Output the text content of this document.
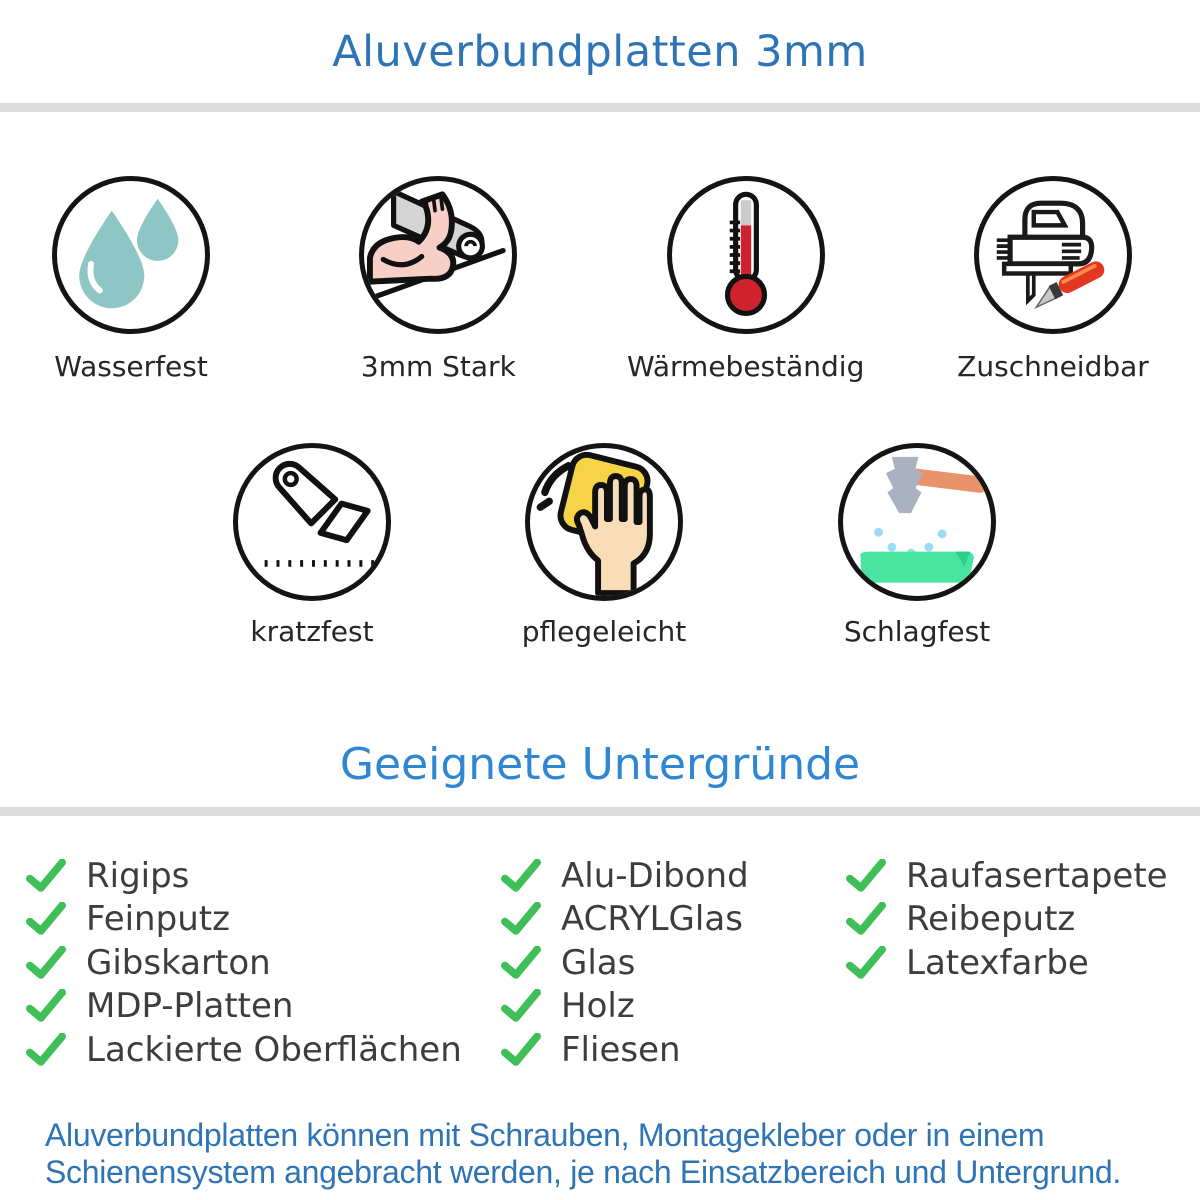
Aluverbundplatten 3mm
Wasserfest	3mm Stark	Wärmebeständig	Zuschneidbar
kratzfest	pflegeleicht	Schlagfest
Geeignete Untergründe
Rigips
Feinputz
Gibskarton
MDP-Platten
Lackierte Oberflächen
Alu-Dibond
ACRYLGlas
Glas
Holz
Fliesen
Raufasertapete
Reibeputz
Latexfarbe
Aluverbundplatten können mit Schrauben, Montagekleber oder in einem
Schienensystem angebracht werden, je nach Einsatzbereich und Untergrund.
